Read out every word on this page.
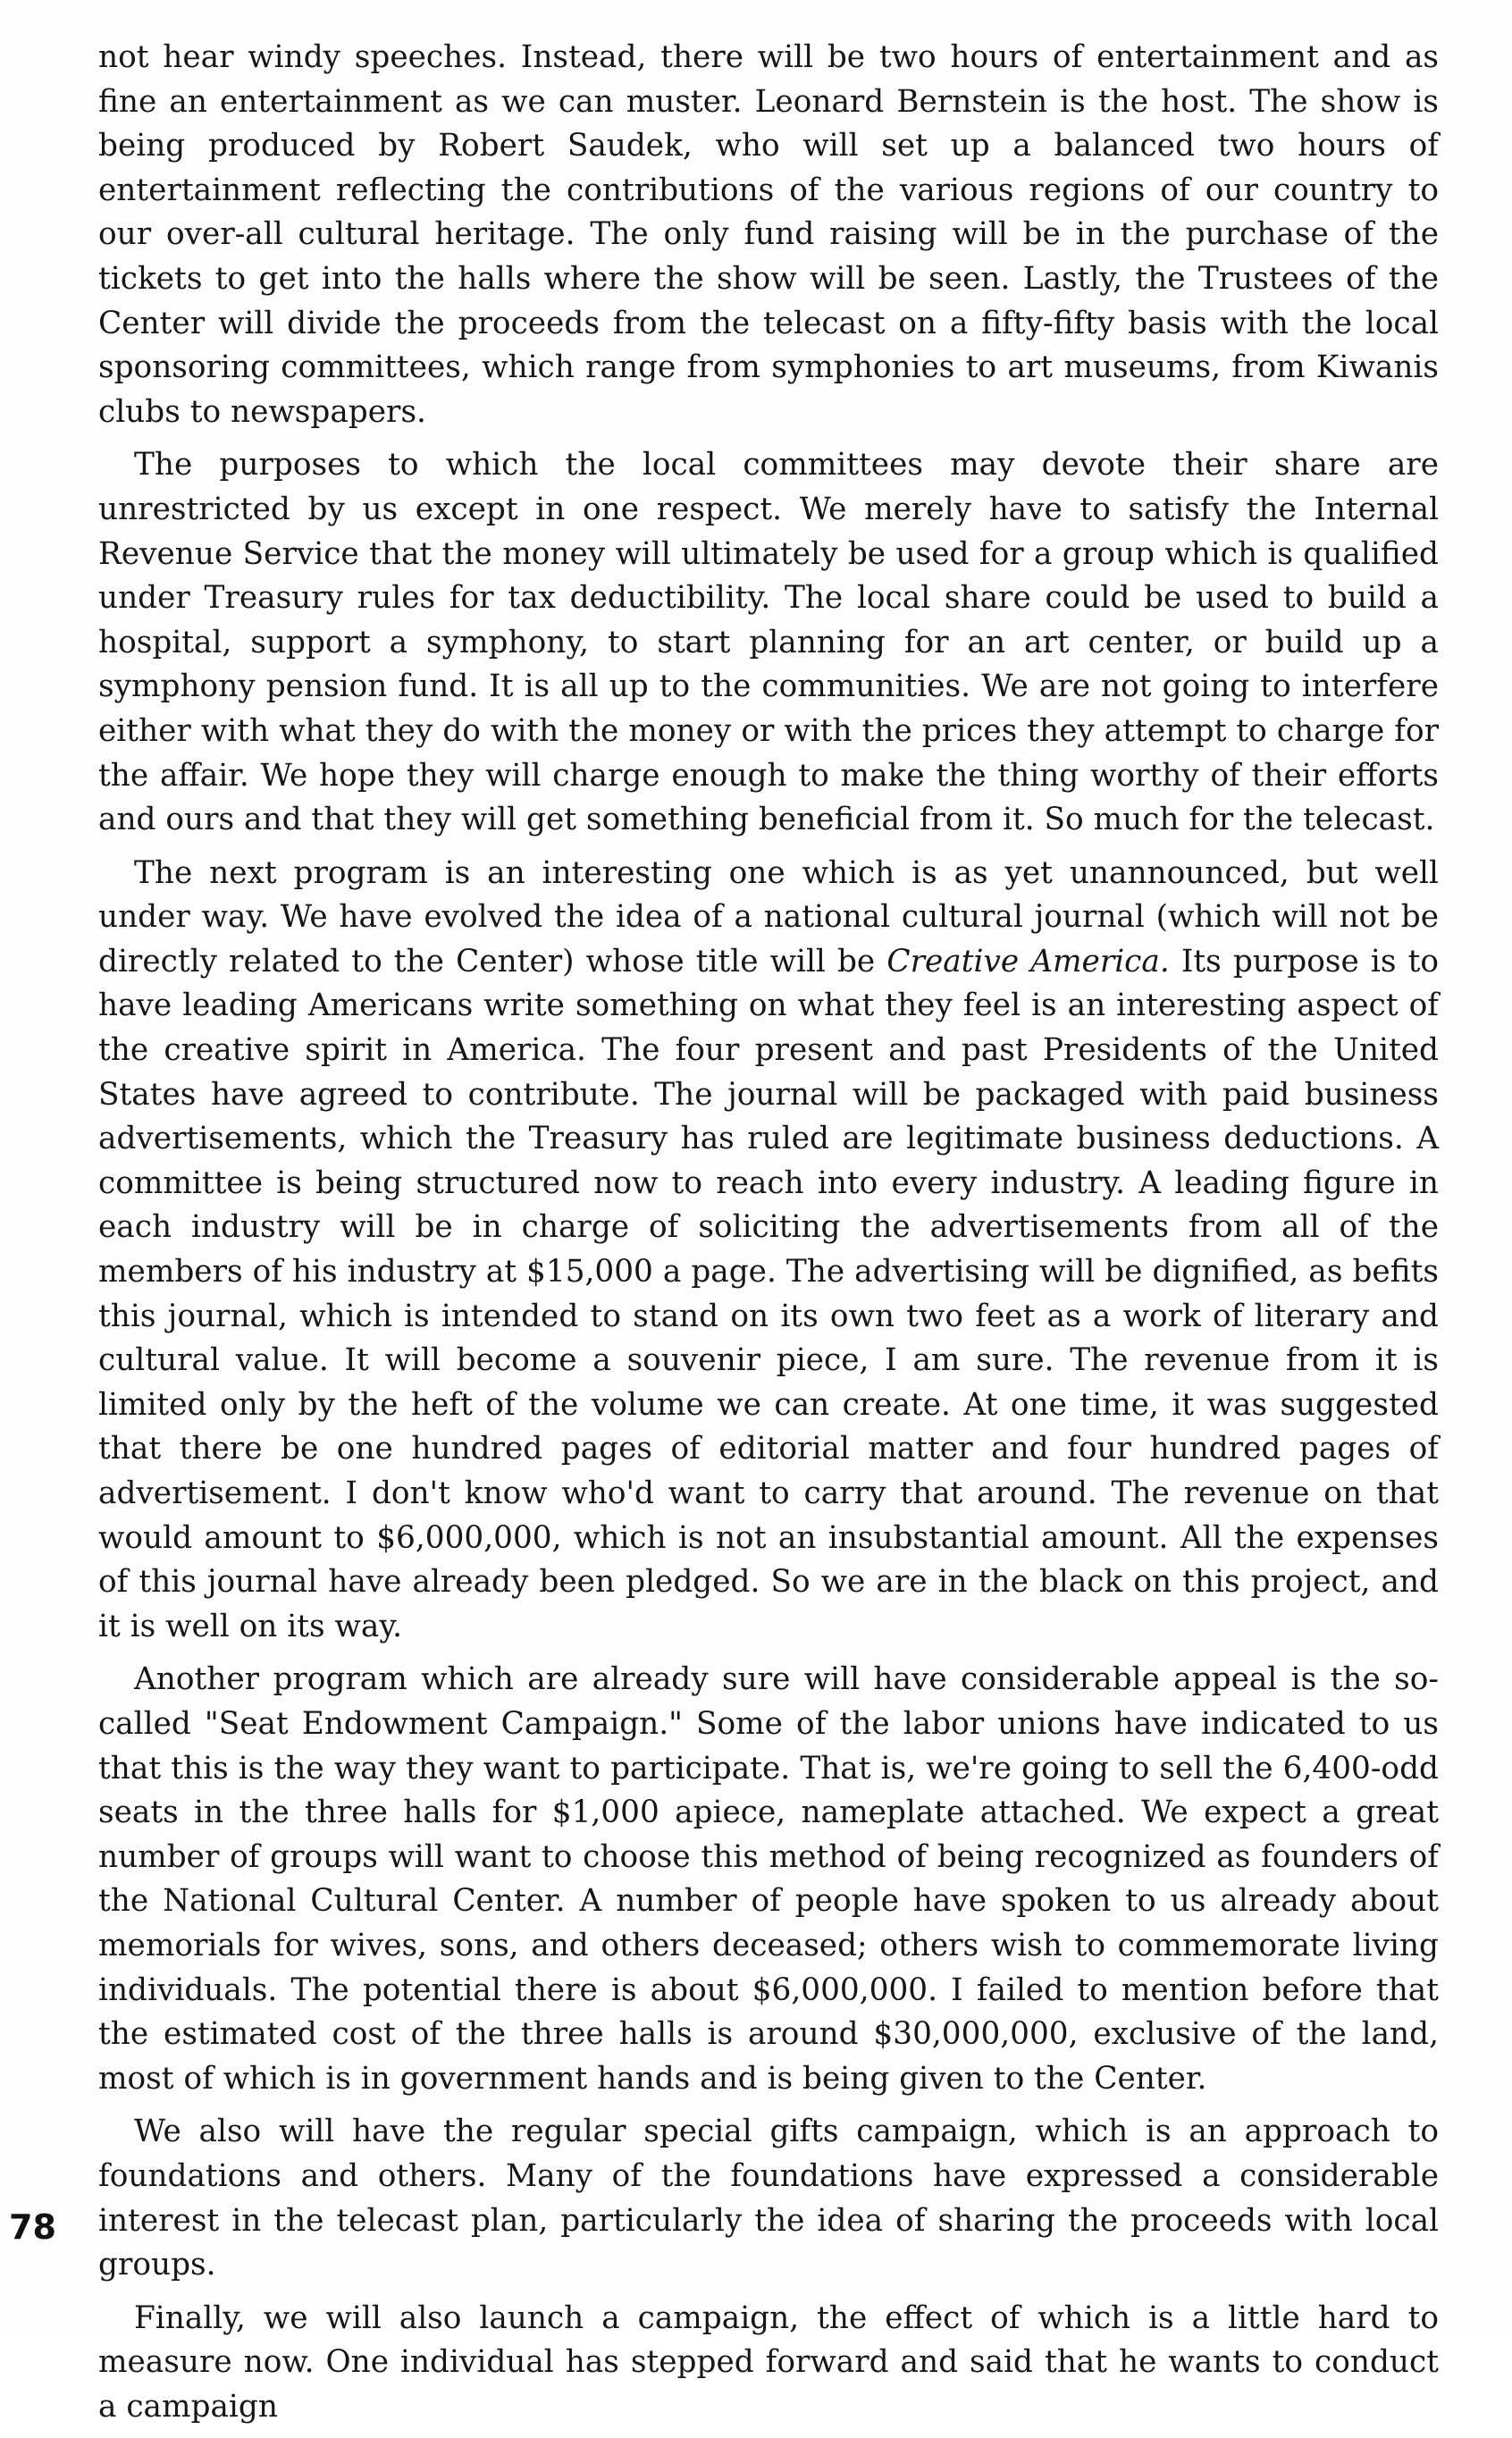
not hear windy speeches. Instead, there will be two hours of entertainment and as fine an entertainment as we can muster. Leonard Bernstein is the host. The show is being produced by Robert Saudek, who will set up a balanced two hours of entertainment reflecting the contributions of the various regions of our country to our over-all cultural heritage. The only fund raising will be in the purchase of the tickets to get into the halls where the show will be seen. Lastly, the Trustees of the Center will divide the proceeds from the telecast on a fifty-fifty basis with the local sponsoring committees, which range from symphonies to art museums, from Kiwanis clubs to newspapers.

The purposes to which the local committees may devote their share are unrestricted by us except in one respect. We merely have to satisfy the Internal Revenue Service that the money will ultimately be used for a group which is qualified under Treasury rules for tax deductibility. The local share could be used to build a hospital, support a symphony, to start planning for an art center, or build up a symphony pension fund. It is all up to the communities. We are not going to interfere either with what they do with the money or with the prices they attempt to charge for the affair. We hope they will charge enough to make the thing worthy of their efforts and ours and that they will get something beneficial from it. So much for the telecast.

The next program is an interesting one which is as yet unannounced, but well under way. We have evolved the idea of a national cultural journal (which will not be directly related to the Center) whose title will be Creative America. Its purpose is to have leading Americans write something on what they feel is an interesting aspect of the creative spirit in America. The four present and past Presidents of the United States have agreed to contribute. The journal will be packaged with paid business advertisements, which the Treasury has ruled are legitimate business deductions. A committee is being structured now to reach into every industry. A leading figure in each industry will be in charge of soliciting the advertisements from all of the members of his industry at $15,000 a page. The advertising will be dignified, as befits this journal, which is intended to stand on its own two feet as a work of literary and cultural value. It will become a souvenir piece, I am sure. The revenue from it is limited only by the heft of the volume we can create. At one time, it was suggested that there be one hundred pages of editorial matter and four hundred pages of advertisement. I don't know who'd want to carry that around. The revenue on that would amount to $6,000,000, which is not an insubstantial amount. All the expenses of this journal have already been pledged. So we are in the black on this project, and it is well on its way.

Another program which are already sure will have considerable appeal is the so-called "Seat Endowment Campaign." Some of the labor unions have indicated to us that this is the way they want to participate. That is, we're going to sell the 6,400-odd seats in the three halls for $1,000 apiece, nameplate attached. We expect a great number of groups will want to choose this method of being recognized as founders of the National Cultural Center. A number of people have spoken to us already about memorials for wives, sons, and others deceased; others wish to commemorate living individuals. The potential there is about $6,000,000. I failed to mention before that the estimated cost of the three halls is around $30,000,000, exclusive of the land, most of which is in government hands and is being given to the Center.

We also will have the regular special gifts campaign, which is an approach to foundations and others. Many of the foundations have expressed a considerable interest in the telecast plan, particularly the idea of sharing the proceeds with local groups.

Finally, we will also launch a campaign, the effect of which is a little hard to measure now. One individual has stepped forward and said that he wants to conduct a campaign

78
